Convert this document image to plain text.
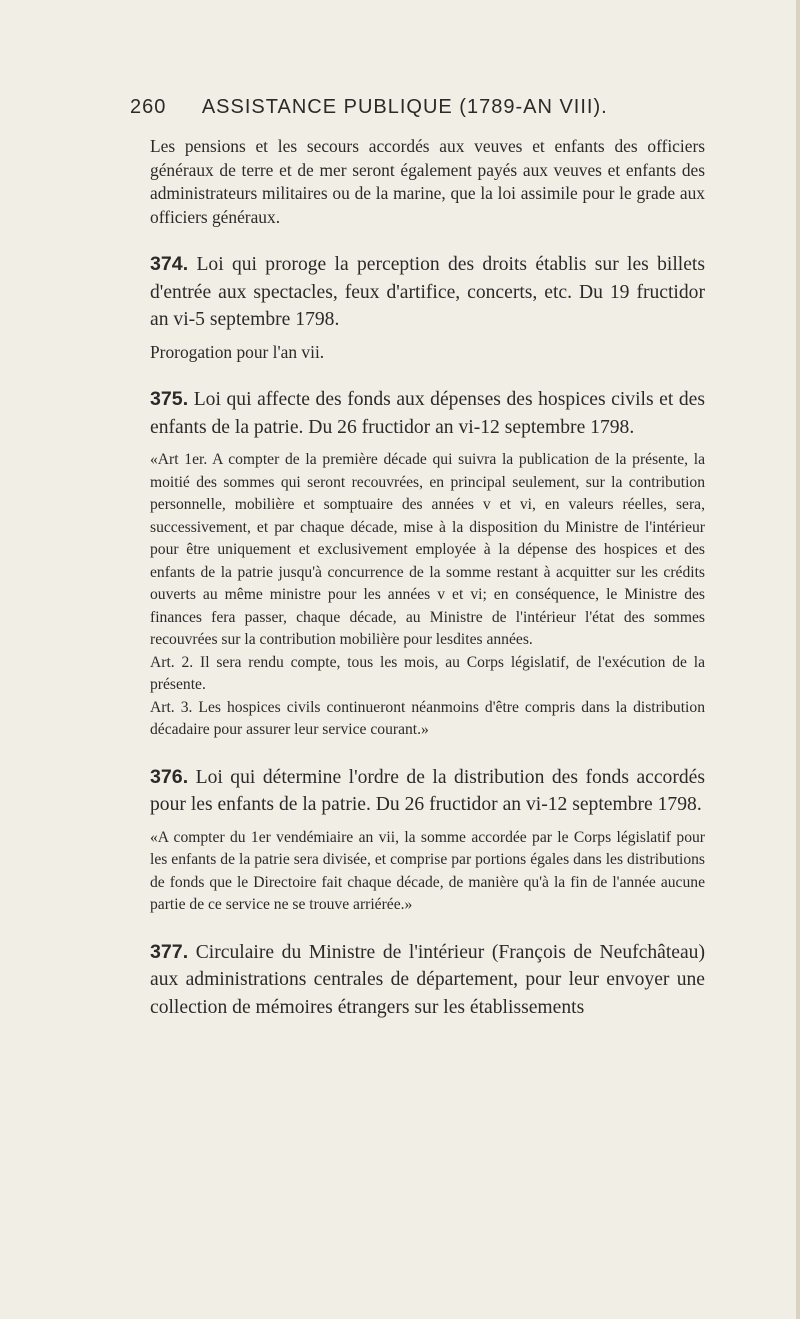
260 ASSISTANCE PUBLIQUE (1789-AN VIII).

Les pensions et les secours accordés aux veuves et enfants des officiers généraux de terre et de mer seront également payés aux veuves et enfants des administrateurs militaires ou de la marine, que la loi assimile pour le grade aux officiers généraux.

374. Loi qui proroge la perception des droits établis sur les billets d'entrée aux spectacles, feux d'artifice, concerts, etc. Du 19 fructidor an vi-5 septembre 1798.

Prorogation pour l'an vii.

375. Loi qui affecte des fonds aux dépenses des hospices civils et des enfants de la patrie. Du 26 fructidor an vi-12 septembre 1798.

«Art 1er. A compter de la première décade qui suivra la publication de la présente, la moitié des sommes qui seront recouvrées, en principal seulement, sur la contribution personnelle, mobilière et somptuaire des années v et vi, en valeurs réelles, sera, successivement, et par chaque décade, mise à la disposition du Ministre de l'intérieur pour être uniquement et exclusivement employée à la dépense des hospices et des enfants de la patrie jusqu'à concurrence de la somme restant à acquitter sur les crédits ouverts au même ministre pour les années v et vi; en conséquence, le Ministre des finances fera passer, chaque décade, au Ministre de l'intérieur l'état des sommes recouvrées sur la contribution mobilière pour lesdites années.

Art. 2. Il sera rendu compte, tous les mois, au Corps législatif, de l'exécution de la présente.

Art. 3. Les hospices civils continueront néanmoins d'être compris dans la distribution décadaire pour assurer leur service courant.»

376. Loi qui détermine l'ordre de la distribution des fonds accordés pour les enfants de la patrie. Du 26 fructidor an vi-12 septembre 1798.

«A compter du 1er vendémiaire an vii, la somme accordée par le Corps législatif pour les enfants de la patrie sera divisée, et comprise par portions égales dans les distributions de fonds que le Directoire fait chaque décade, de manière qu'à la fin de l'année aucune partie de ce service ne se trouve arriérée.»

377. Circulaire du Ministre de l'intérieur (François de Neufchâteau) aux administrations centrales de département, pour leur envoyer une collection de mémoires étrangers sur les établissements
